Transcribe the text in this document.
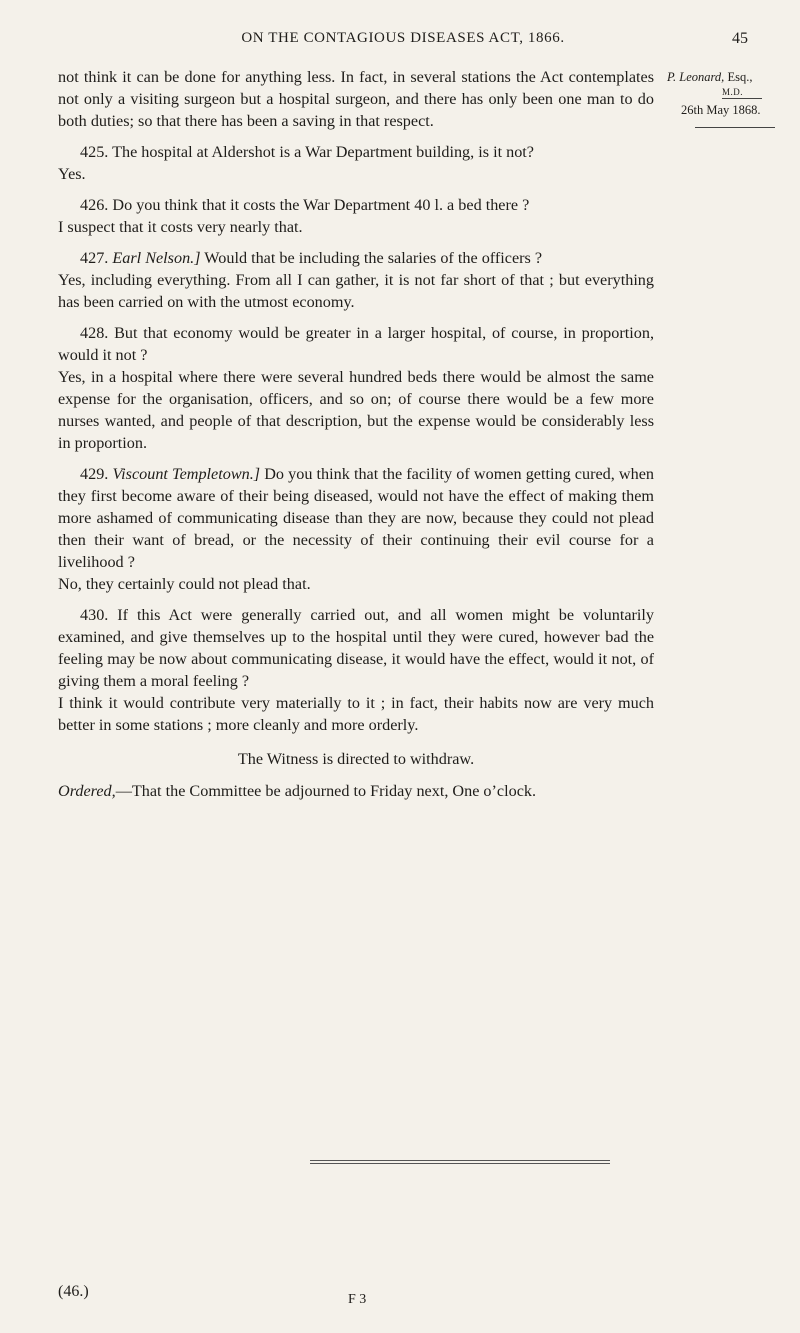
ON THE CONTAGIOUS DISEASES ACT, 1866.	45
P. Leonard, Esq.,
M.D.
26th May 1868.

not think it can be done for anything less. In fact, in several stations the Act contemplates not only a visiting surgeon but a hospital surgeon, and there has only been one man to do both duties; so that there has been a saving in that respect.

425. The hospital at Aldershot is a War Department building, is it not?

Yes.

426. Do you think that it costs the War Department 40 l. a bed there ?

I suspect that it costs very nearly that.

427. Earl Nelson.] Would that be including the salaries of the officers ?

Yes, including everything. From all I can gather, it is not far short of that ; but everything has been carried on with the utmost economy.

428. But that economy would be greater in a larger hospital, of course, in proportion, would it not ?

Yes, in a hospital where there were several hundred beds there would be almost the same expense for the organisation, officers, and so on; of course there would be a few more nurses wanted, and people of that description, but the expense would be considerably less in proportion.

429. Viscount Templetown.] Do you think that the facility of women getting cured, when they first become aware of their being diseased, would not have the effect of making them more ashamed of communicating disease than they are now, because they could not plead then their want of bread, or the necessity of their continuing their evil course for a livelihood ?

No, they certainly could not plead that.

430. If this Act were generally carried out, and all women might be voluntarily examined, and give themselves up to the hospital until they were cured, however bad the feeling may be now about communicating disease, it would have the effect, would it not, of giving them a moral feeling ?

I think it would contribute very materially to it ; in fact, their habits now are very much better in some stations ; more cleanly and more orderly.

The Witness is directed to withdraw.

Ordered,—That the Committee be adjourned to Friday next, One o’clock.

(46.)	F 3
